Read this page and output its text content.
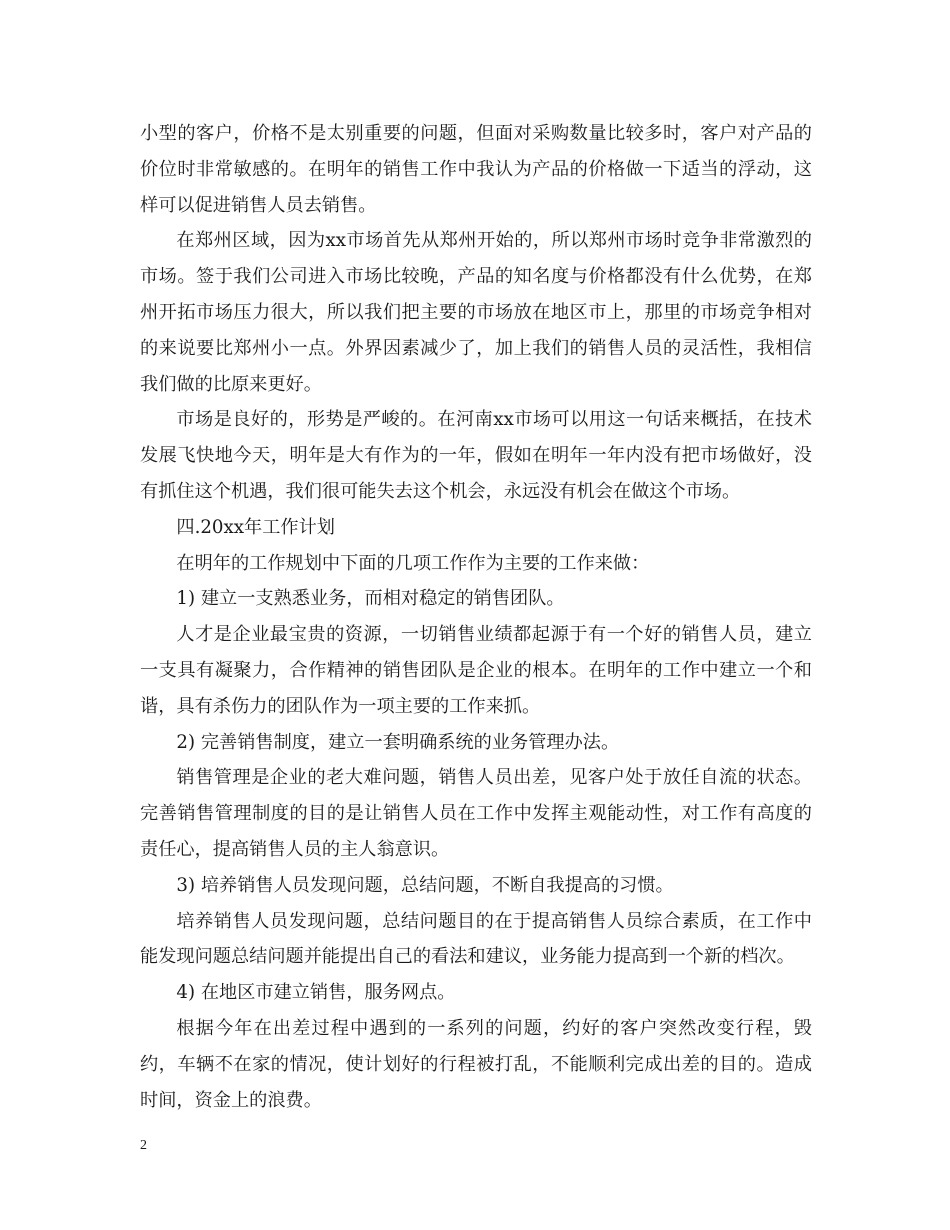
小型的客户，价格不是太别重要的问题，但面对采购数量比较多时，客户对产品的价位时非常敏感的。在明年的销售工作中我认为产品的价格做一下适当的浮动，这样可以促进销售人员去销售。

在郑州区域，因为xx市场首先从郑州开始的，所以郑州市场时竞争非常激烈的市场。签于我们公司进入市场比较晚，产品的知名度与价格都没有什么优势，在郑州开拓市场压力很大，所以我们把主要的市场放在地区市上，那里的市场竞争相对的来说要比郑州小一点。外界因素减少了，加上我们的销售人员的灵活性，我相信我们做的比原来更好。

市场是良好的，形势是严峻的。在河南xx市场可以用这一句话来概括，在技术发展飞快地今天，明年是大有作为的一年，假如在明年一年内没有把市场做好，没有抓住这个机遇，我们很可能失去这个机会，永远没有机会在做这个市场。

四.20xx年工作计划

在明年的工作规划中下面的几项工作作为主要的工作来做：

1) 建立一支熟悉业务，而相对稳定的销售团队。

人才是企业最宝贵的资源，一切销售业绩都起源于有一个好的销售人员，建立一支具有凝聚力，合作精神的销售团队是企业的根本。在明年的工作中建立一个和谐，具有杀伤力的团队作为一项主要的工作来抓。

2) 完善销售制度，建立一套明确系统的业务管理办法。

销售管理是企业的老大难问题，销售人员出差，见客户处于放任自流的状态。完善销售管理制度的目的是让销售人员在工作中发挥主观能动性，对工作有高度的责任心，提高销售人员的主人翁意识。

3) 培养销售人员发现问题，总结问题，不断自我提高的习惯。

培养销售人员发现问题，总结问题目的在于提高销售人员综合素质，在工作中能发现问题总结问题并能提出自己的看法和建议，业务能力提高到一个新的档次。

4) 在地区市建立销售，服务网点。

根据今年在出差过程中遇到的一系列的问题，约好的客户突然改变行程，毁约，车辆不在家的情况，使计划好的行程被打乱，不能顺利完成出差的目的。造成时间，资金上的浪费。

2
